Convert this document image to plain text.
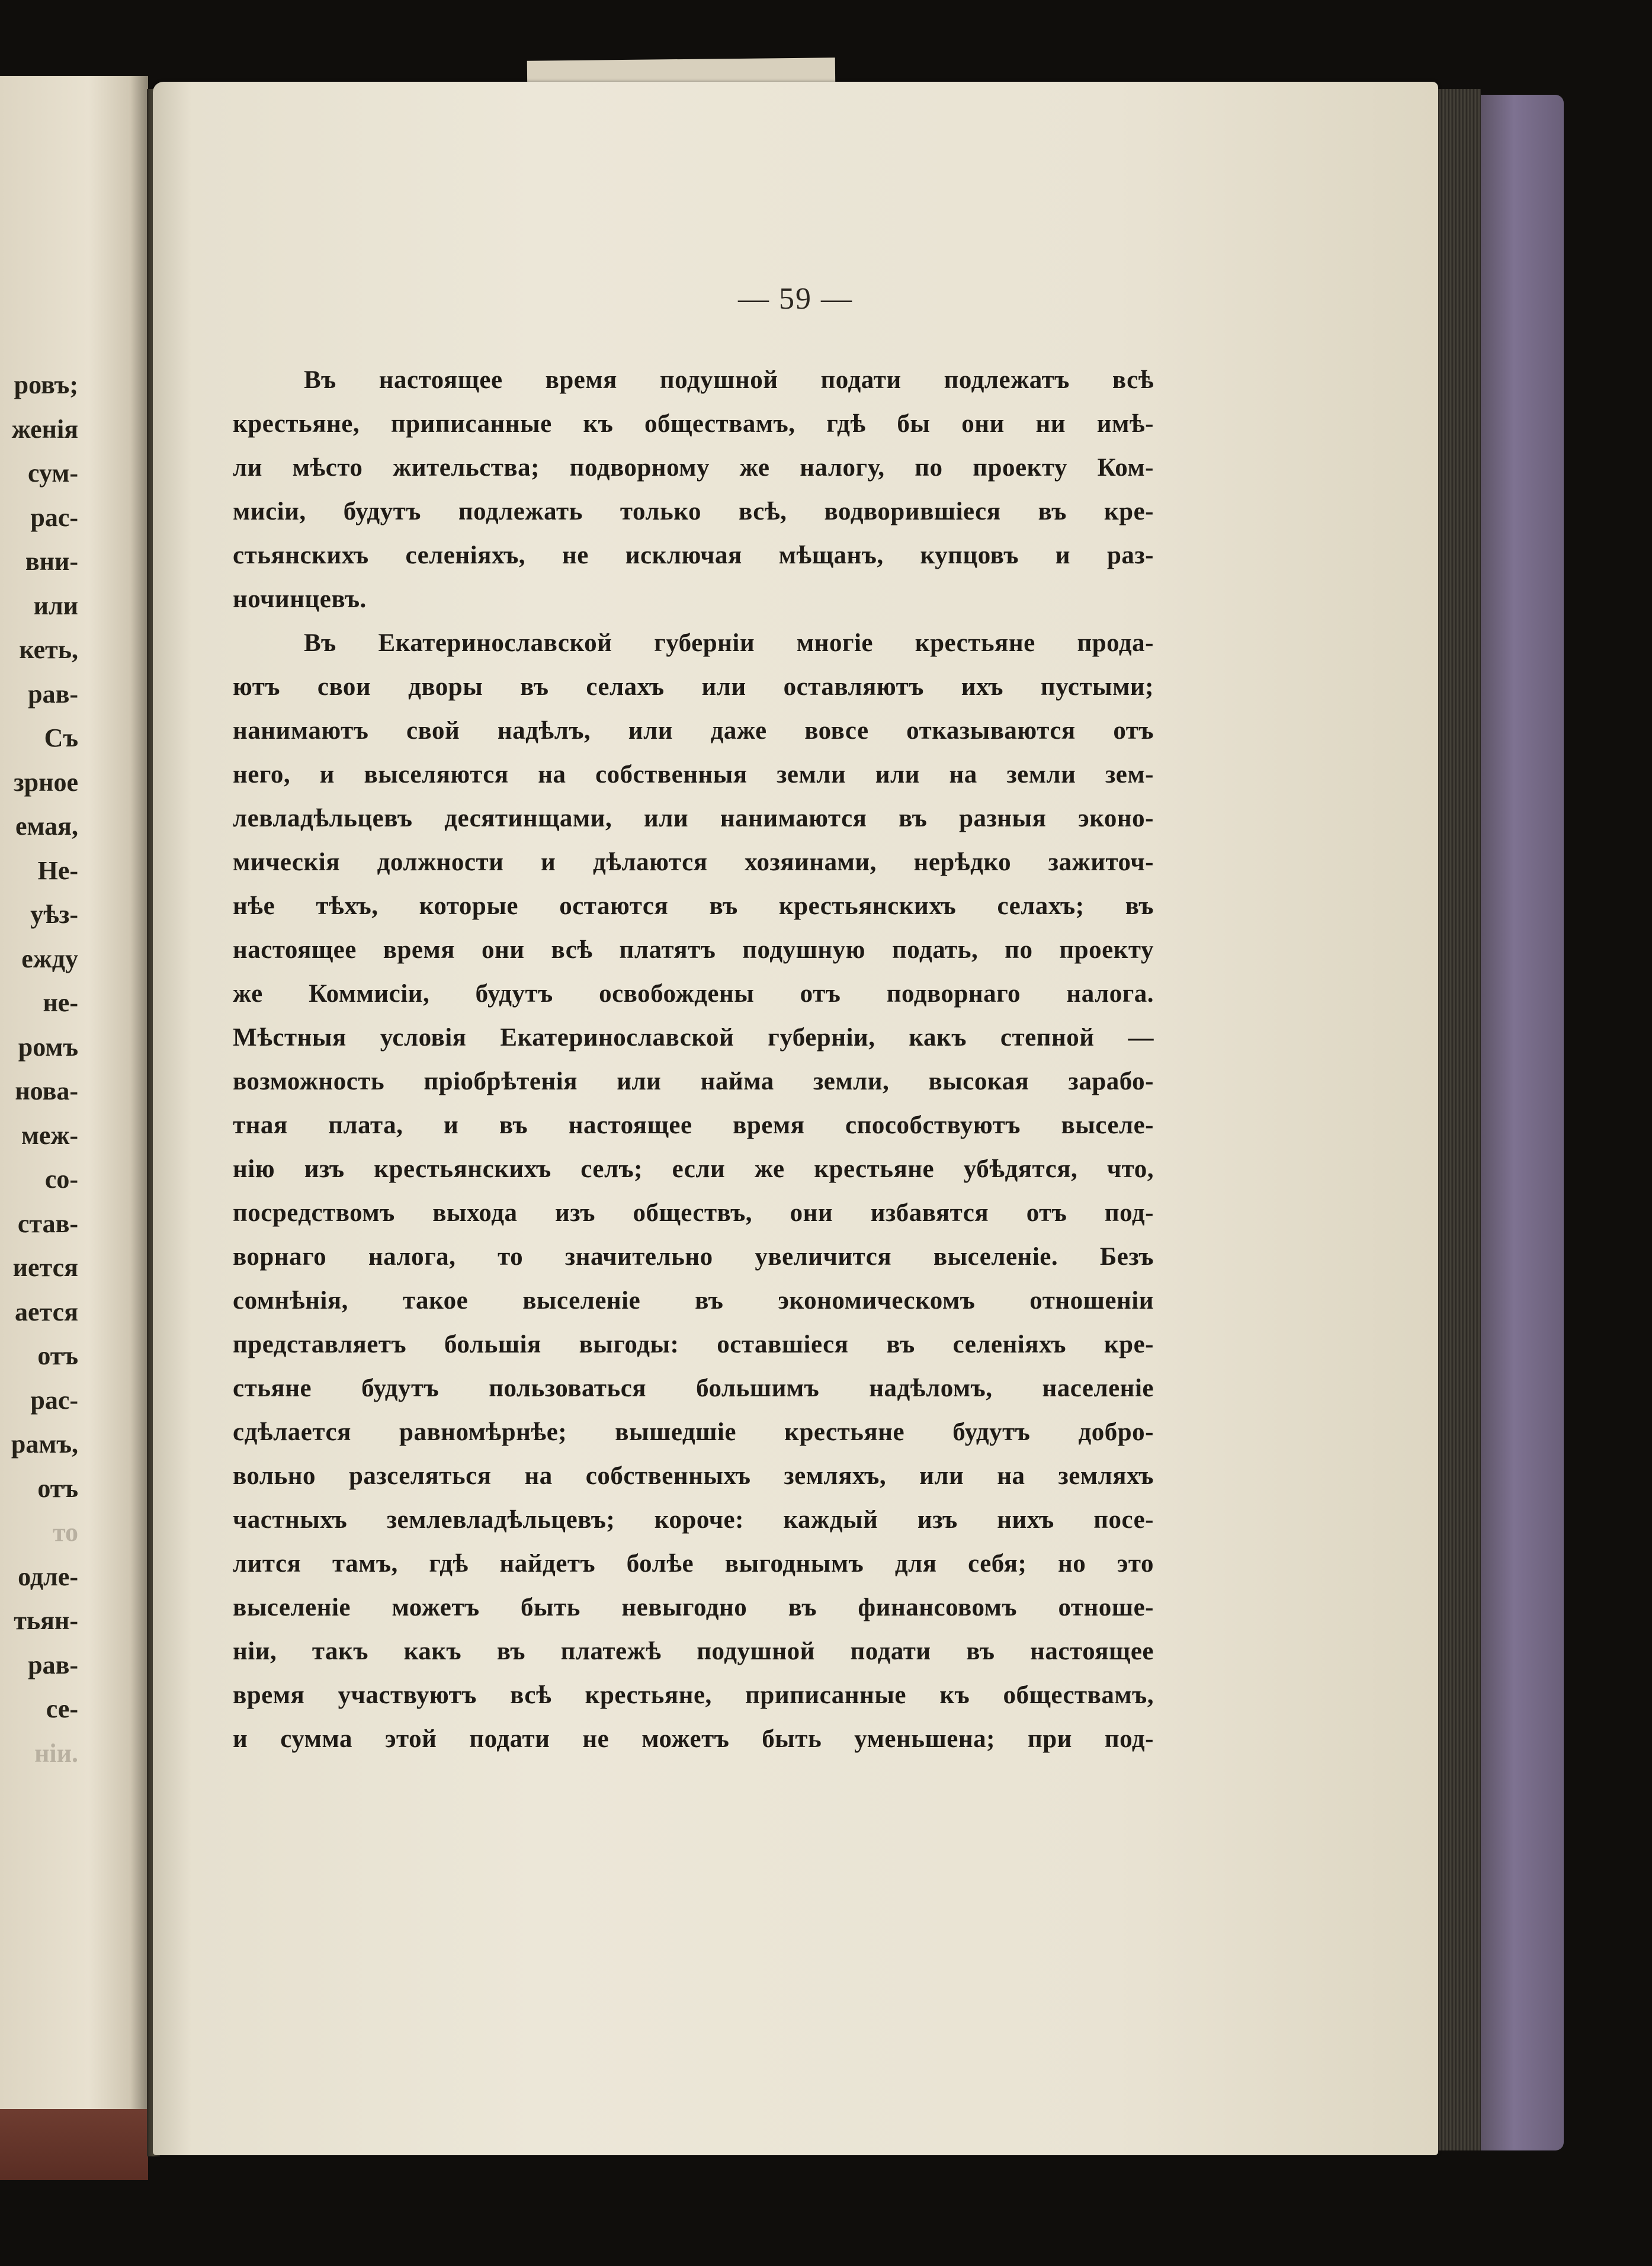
ровъ;
женія
сум-
рас-
вни-
или
кеть,
рав-
Съ
зрное
емая,
Не-
уѣз-
ежду
не-
ромъ
нова-
меж-
со-
став-
иется
ается
отъ
рас-
рамъ,
отъ
то
одле-
тьян-
рав-
се-
ніи.
— 59 —
Въ настоящее время подушной подати подлежатъ всѣ
крестьяне, приписанные къ обществамъ, гдѣ бы они ни имѣ-
ли мѣсто жительства; подворному же налогу, по проекту Ком-
мисіи, будутъ подлежать только всѣ, водворившіеся въ кре-
стьянскихъ селеніяхъ, не исключая мѣщанъ, купцовъ и раз-
ночинцевъ.
Въ Екатеринославской губерніи многіе крестьяне прода-
ютъ свои дворы въ селахъ или оставляютъ ихъ пустыми;
нанимаютъ свой надѣлъ, или даже вовсе отказываются отъ
него, и выселяются на собственныя земли или на земли зем-
левладѣльцевъ десятинщами, или нанимаются въ разныя эконо-
мическія должности и дѣлаются хозяинами, нерѣдко зажиточ-
нѣе тѣхъ, которые остаются въ крестьянскихъ селахъ; въ
настоящее время они всѣ платятъ подушную подать, по проекту
же Коммисіи, будутъ освобождены отъ подворнаго налога.
Мѣстныя условія Екатеринославской губерніи, какъ степной —
возможность пріобрѣтенія или найма земли, высокая зарабо-
тная плата, и въ настоящее время способствуютъ выселе-
нію изъ крестьянскихъ селъ; если же крестьяне убѣдятся, что,
посредствомъ выхода изъ обществъ, они избавятся отъ под-
ворнаго налога, то значительно увеличится выселеніе. Безъ
сомнѣнія, такое выселеніе въ экономическомъ отношеніи
представляетъ большія выгоды: оставшіеся въ селеніяхъ кре-
стьяне будутъ пользоваться большимъ надѣломъ, населеніе
сдѣлается равномѣрнѣе; вышедшіе крестьяне будутъ добро-
вольно разселяться на собственныхъ земляхъ, или на земляхъ
частныхъ землевладѣльцевъ; короче: каждый изъ нихъ посе-
лится тамъ, гдѣ найдетъ болѣе выгоднымъ для себя; но это
выселеніе можетъ быть невыгодно въ финансовомъ отноше-
ніи, такъ какъ въ платежѣ подушной подати въ настоящее
время участвуютъ всѣ крестьяне, приписанные къ обществамъ,
и сумма этой подати не можетъ быть уменьшена; при под-
